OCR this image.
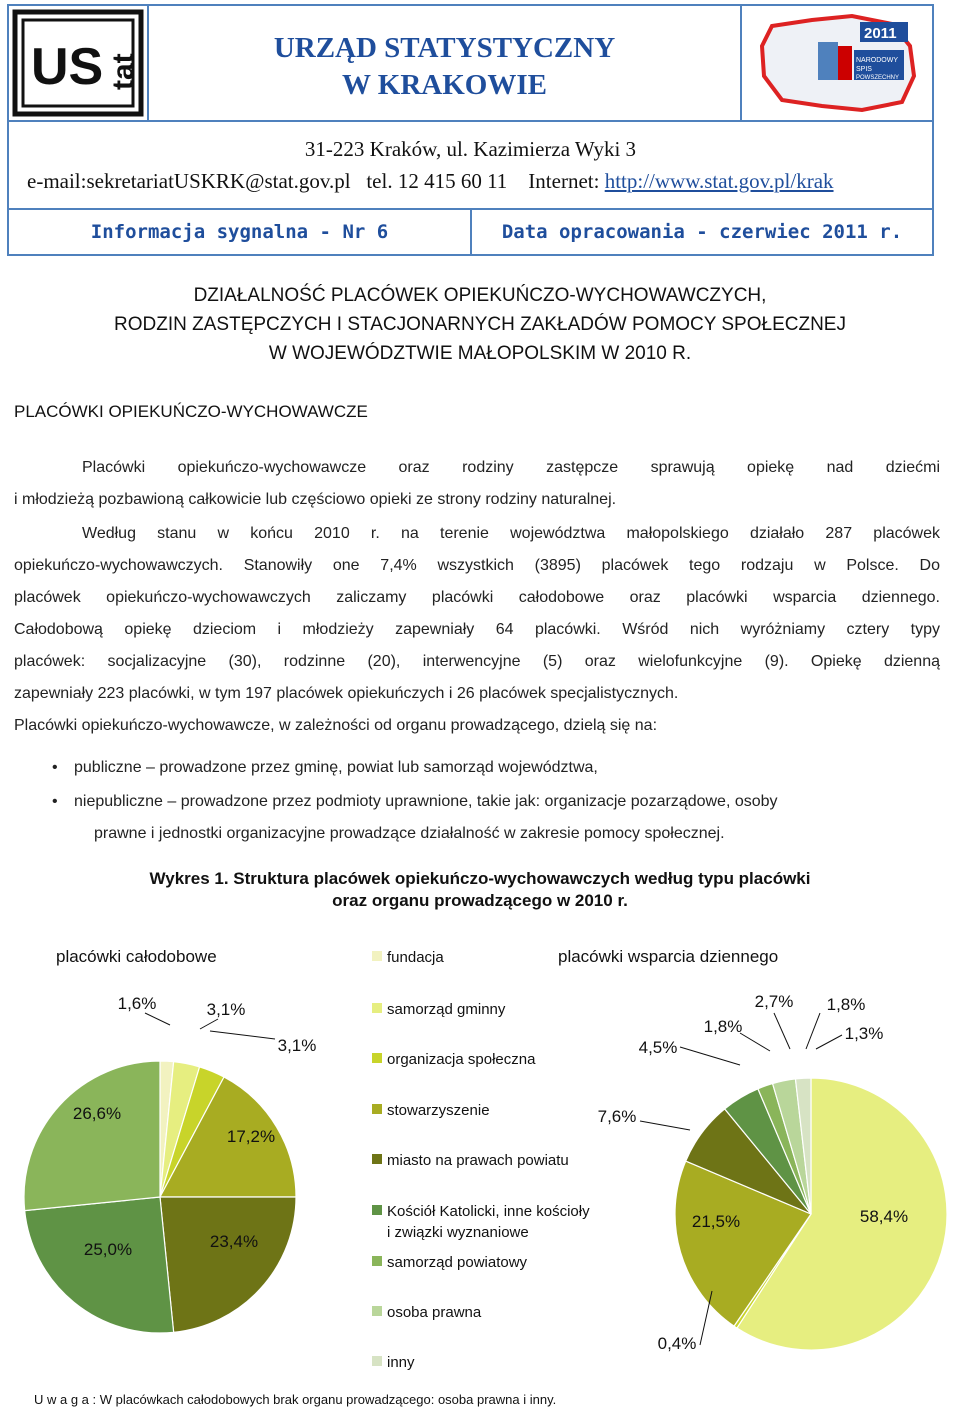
US tat
URZĄD STATYSTYCZNY
W KRAKOWIE
2011
NARODOWY
SPIS
POWSZECHNY
31-223 Kraków, ul. Kazimierza Wyki 3
e-mail:sekretariatUSKRK@stat.gov.pl tel. 12 415 60 11 Internet: http://www.stat.gov.pl/krak
Informacja sygnalna - Nr 6	Data opracowania - czerwiec 2011 r.
DZIAŁALNOŚĆ PLACÓWEK OPIEKUŃCZO-WYCHOWAWCZYCH,
RODZIN ZASTĘPCZYCH I STACJONARNYCH ZAKŁADÓW POMOCY SPOŁECZNEJ
W WOJEWÓDZTWIE MAŁOPOLSKIM W 2010 R.
PLACÓWKI OPIEKUŃCZO-WYCHOWAWCZE
Placówki opiekuńczo-wychowawcze oraz rodziny zastępcze sprawują opiekę nad dziećmi
i młodzieżą pozbawioną całkowicie lub częściowo opieki ze strony rodziny naturalnej.
Według stanu w końcu 2010 r. na terenie województwa małopolskiego działało 287 placówek
opiekuńczo-wychowawczych. Stanowiły one 7,4% wszystkich (3895) placówek tego rodzaju w Polsce. Do
placówek opiekuńczo-wychowawczych zaliczamy placówki całodobowe oraz placówki wsparcia dziennego.
Całodobową opiekę dzieciom i młodzieży zapewniały 64 placówki. Wśród nich wyróżniamy cztery typy
placówek: socjalizacyjne (30), rodzinne (20), interwencyjne (5) oraz wielofunkcyjne (9). Opiekę dzienną
zapewniały 223 placówki, w tym 197 placówek opiekuńczych i 26 placówek specjalistycznych.
Placówki opiekuńczo-wychowawcze, w zależności od organu prowadzącego, dzielą się na:
• publiczne – prowadzone przez gminę, powiat lub samorząd województwa,
• niepubliczne – prowadzone przez podmioty uprawnione, takie jak: organizacje pozarządowe, osoby
prawne i jednostki organizacyjne prowadzące działalność w zakresie pomocy społecznej.
Wykres 1. Struktura placówek opiekuńczo-wychowawczych według typu placówki
oraz organu prowadzącego w 2010 r.
placówki całodobowe	placówki wsparcia dziennego
1,6%	3,1%
3,1%
17,2%
23,4%
25,0%
26,6%
58,4%
0,4%
21,5%
7,6%
4,5%
1,8%
2,7% 1,8%
1,3%
fundacja
samorząd gminny
organizacja społeczna
stowarzyszenie
miasto na prawach powiatu
Kościół Katolicki, inne kościoły
i związki wyznaniowe
samorząd powiatowy
osoba prawna
inny
U w a g a : W placówkach całodobowych brak organu prowadzącego: osoba prawna i inny.
